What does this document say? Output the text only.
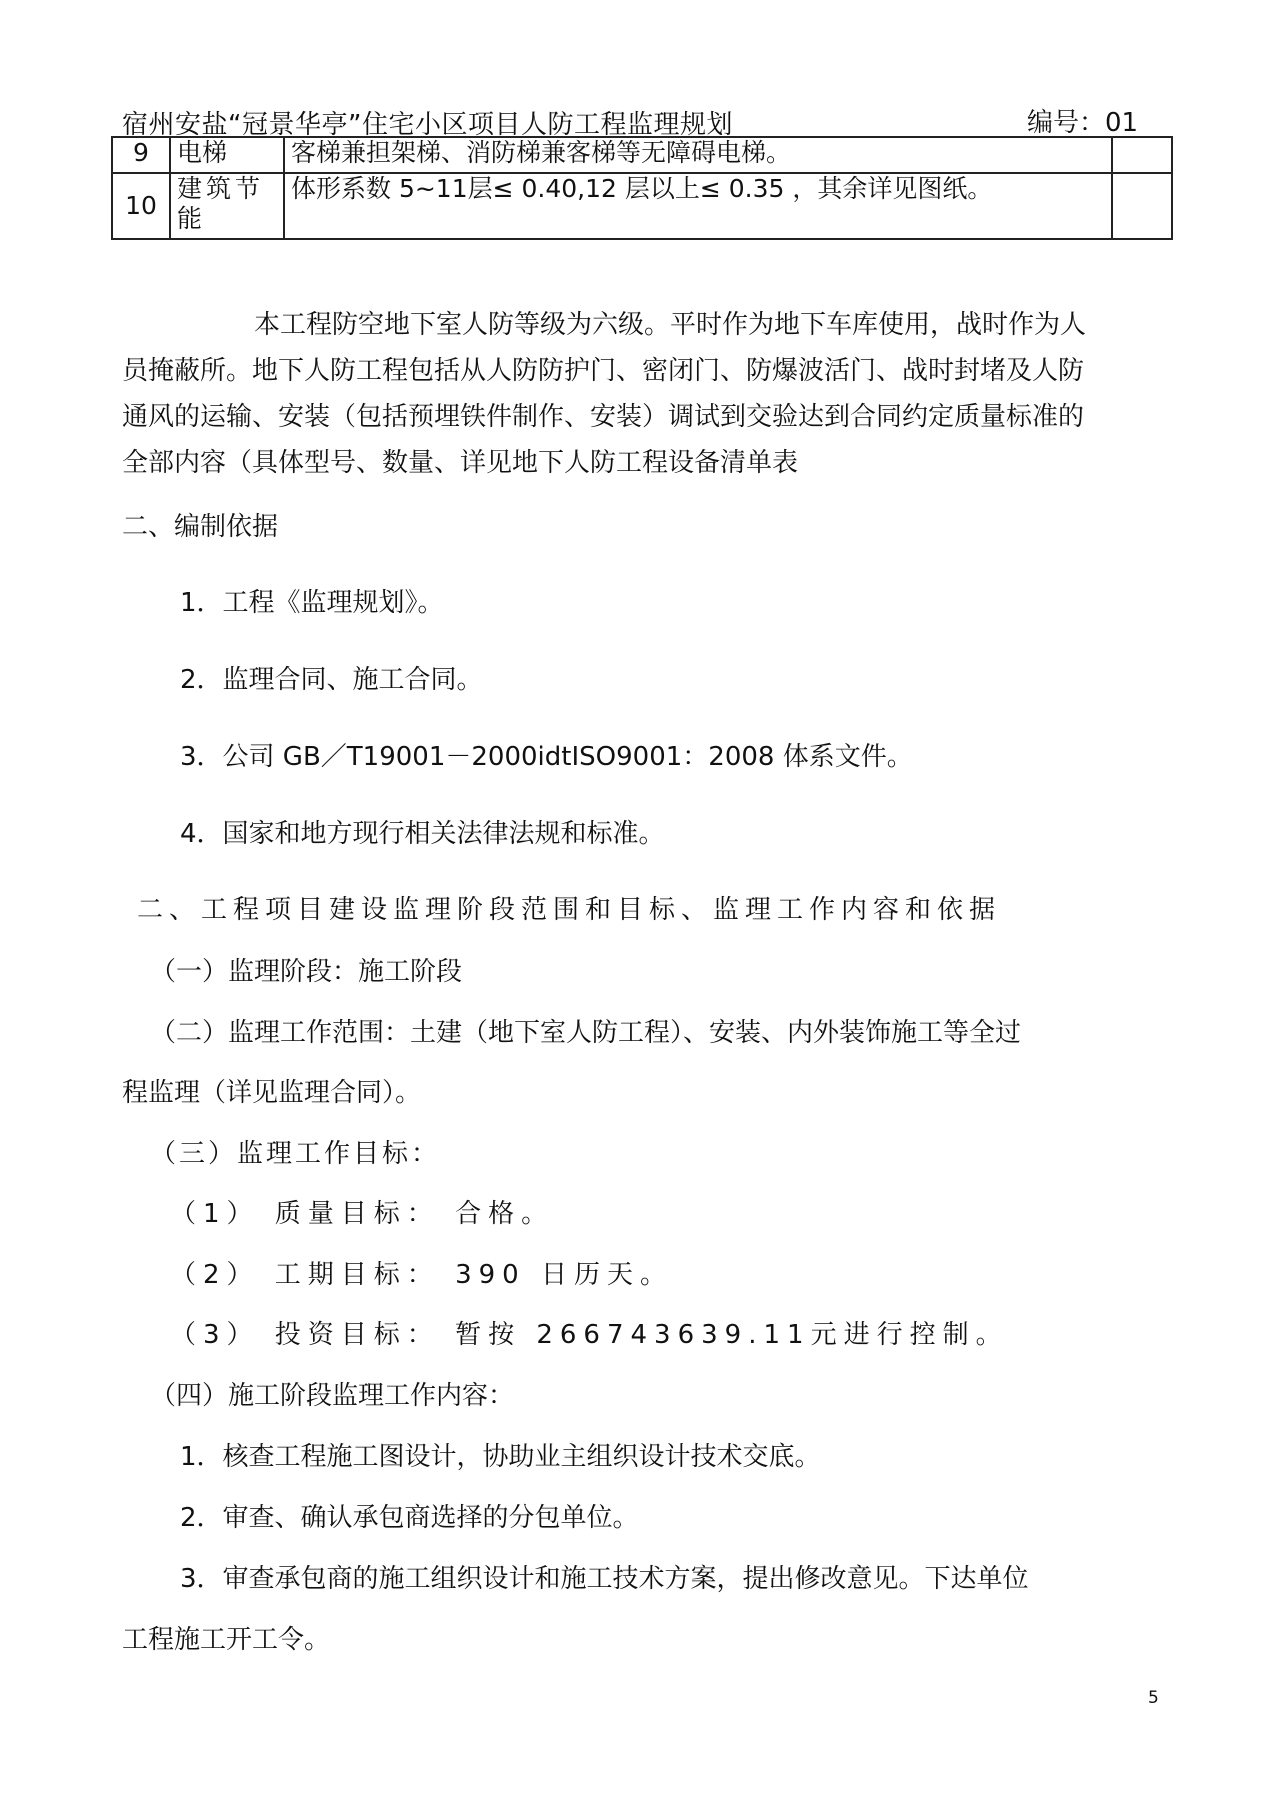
宿州安盐“冠景华亭”住宅小区项目人防工程监理规划	编号：01
9	电梯	客梯兼担架梯、消防梯兼客梯等无障碍电梯。	
10	建筑节能	体形系数 5~11层≤ 0.40,12 层以上≤ 0.35 ，其余详见图纸。	
本工程防空地下室人防等级为六级。平时作为地下车库使用，战时作为人
员掩蔽所。地下人防工程包括从人防防护门、密闭门、防爆波活门、战时封堵及人防
通风的运输、安装（包括预埋铁件制作、安装）调试到交验达到合同约定质量标准的
全部内容（具体型号、数量、详见地下人防工程设备清单表
二、编制依据
1．工程《监理规划》。
2．监理合同、施工合同。
3．公司 GB／T19001－2000idtISO9001：2008 体系文件。
4．国家和地方现行相关法律法规和标准。
二、工程项目建设监理阶段范围和目标、监理工作内容和依据
（一）监理阶段：施工阶段
（二）监理工作范围：土建（地下室人防工程）、安装、内外装饰施工等全过
程监理（详见监理合同）。
（三）监理工作目标：
（1） 质量目标： 合格。
（2） 工期目标： 390 日历天。
（3） 投资目标： 暂按 266743639.11元进行控制。
（四）施工阶段监理工作内容：
1．核查工程施工图设计，协助业主组织设计技术交底。
2．审查、确认承包商选择的分包单位。
3．审查承包商的施工组织设计和施工技术方案，提出修改意见。下达单位
工程施工开工令。
5
